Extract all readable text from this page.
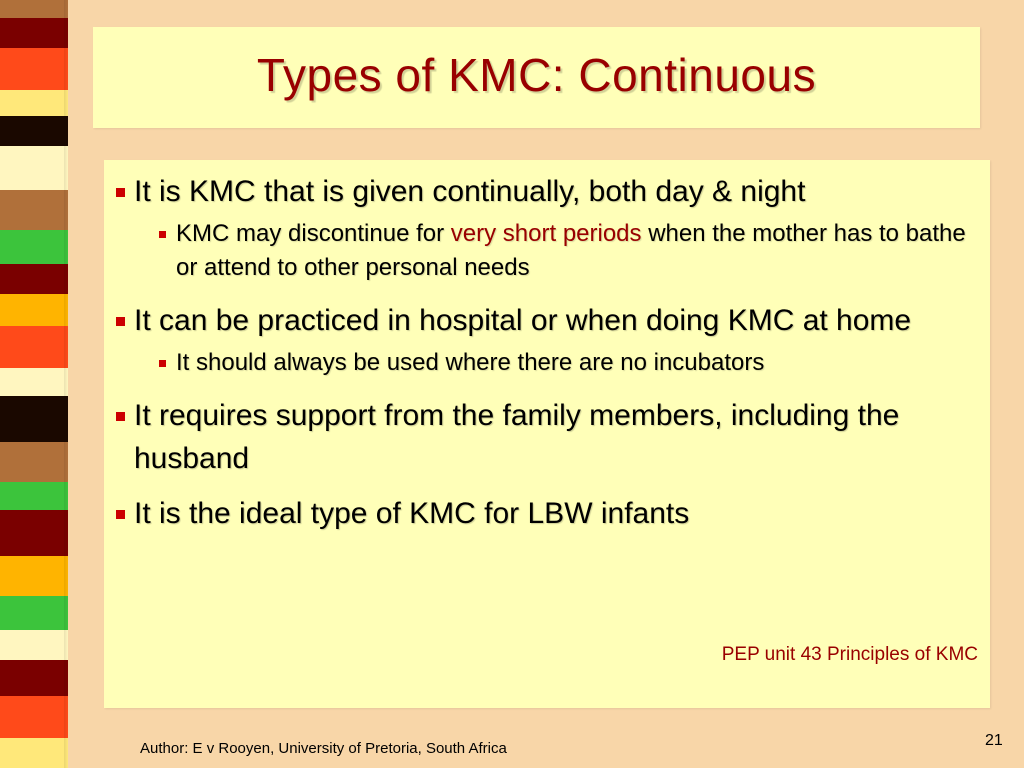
Types of KMC: Continuous
It is KMC that is given continually, both day & night
KMC may discontinue for very short periods when the mother has to bathe or attend to other personal needs
It can be practiced in hospital or when doing KMC at home
It should always be used where there are no incubators
It requires support from the family members, including the husband
It is the ideal type of KMC for LBW infants
PEP unit 43 Principles of KMC
Author: E v Rooyen, University of Pretoria, South Africa	21
